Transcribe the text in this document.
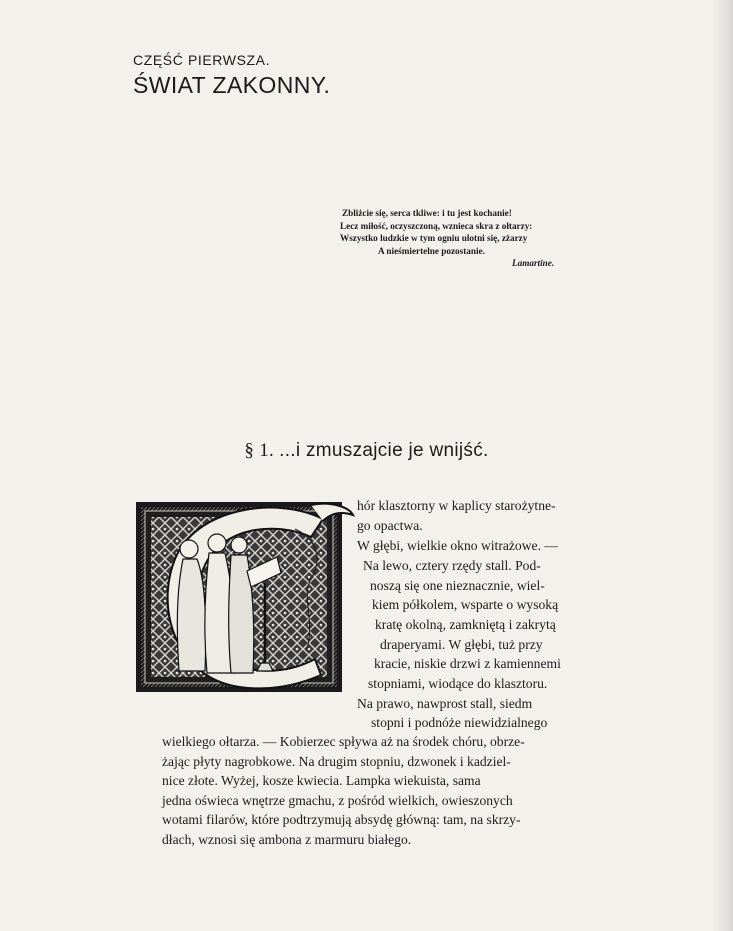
CZĘŚĆ PIERWSZA.
ŚWIAT ZAKONNY.
Zbliżcie się, serca tkliwe: i tu jest kochanie!
Lecz miłość, oczyszczoną, wznieca skra z ołtarzy:
Wszystko ludzkie w tym ogniu ulotni się, zżarzy
A nieśmiertelne pozostanie.
Lamartine.
§ 1. ...i zmuszajcie je wnijść.
hór klasztorny w kaplicy starożytne-
go opactwa.
W głębi, wielkie okno witrażowe. —
Na lewo, cztery rzędy stall. Pod-
noszą się one nieznacznie, wiel-
kiem półkolem, wsparte o wysoką
kratę okolną, zamkniętą i zakrytą
draperyami. W głębi, tuż przy
kracie, niskie drzwi z kamiennemi
stopniami, wiodące do klasztoru.
Na prawo, nawprost stall, siedm
stopni i podnóże niewidzialnego
wielkiego ołtarza. — Kobierzec spływa aż na środek chóru, obrze-
żając płyty nagrobkowe. Na drugim stopniu, dzwonek i kadziel-
nice złote. Wyżej, kosze kwiecia. Lampka wiekuista, sama
jedna oświeca wnętrze gmachu, z pośród wielkich, owieszonych
wotami filarów, które podtrzymują absydę główną: tam, na skrzy-
dłach, wznosi się ambona z marmuru białego.
